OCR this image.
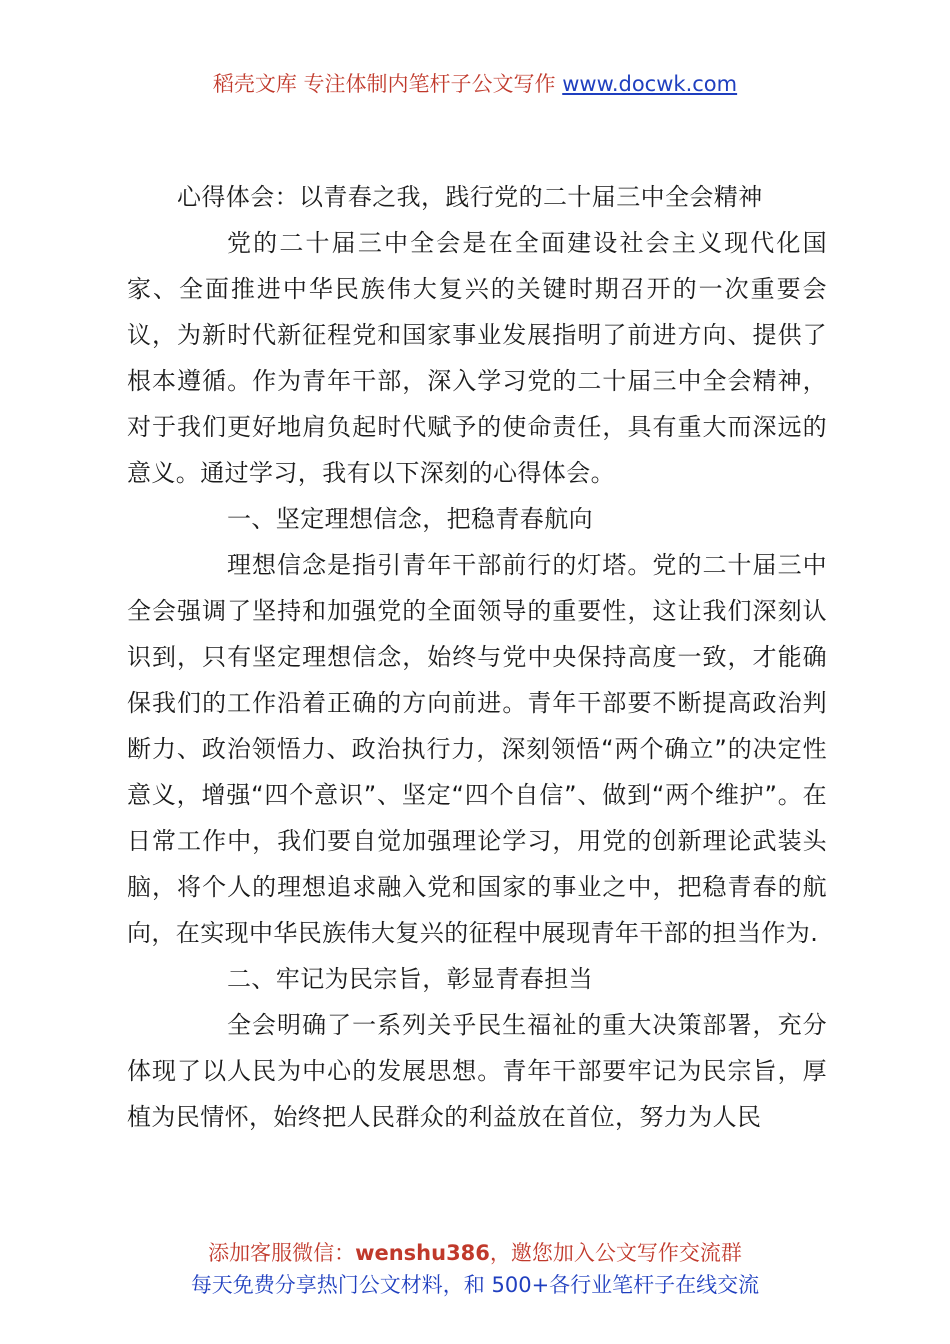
稻壳文库 专注体制内笔杆子公文写作 www.docwk.com

心得体会：以青春之我，践行党的二十届三中全会精神

党的二十届三中全会是在全面建设社会主义现代化国家、全面推进中华民族伟大复兴的关键时期召开的一次重要会议，为新时代新征程党和国家事业发展指明了前进方向、提供了根本遵循。作为青年干部，深入学习党的二十届三中全会精神，对于我们更好地肩负起时代赋予的使命责任，具有重大而深远的意义。通过学习，我有以下深刻的心得体会。

一、坚定理想信念，把稳青春航向

理想信念是指引青年干部前行的灯塔。党的二十届三中全会强调了坚持和加强党的全面领导的重要性，这让我们深刻认识到，只有坚定理想信念，始终与党中央保持高度一致，才能确保我们的工作沿着正确的方向前进。青年干部要不断提高政治判断力、政治领悟力、政治执行力，深刻领悟“两个确立”的决定性意义，增强“四个意识”、坚定“四个自信”、做到“两个维护”。在日常工作中，我们要自觉加强理论学习，用党的创新理论武装头脑，将个人的理想追求融入党和国家的事业之中，把稳青春的航向，在实现中华民族伟大复兴的征程中展现青年干部的担当作为.

二、牢记为民宗旨，彰显青春担当

全会明确了一系列关乎民生福祉的重大决策部署，充分体现了以人民为中心的发展思想。青年干部要牢记为民宗旨，厚植为民情怀，始终把人民群众的利益放在首位，努力为人民

添加客服微信：wenshu386，邀您加入公文写作交流群
每天免费分享热门公文材料，和 500+各行业笔杆子在线交流
